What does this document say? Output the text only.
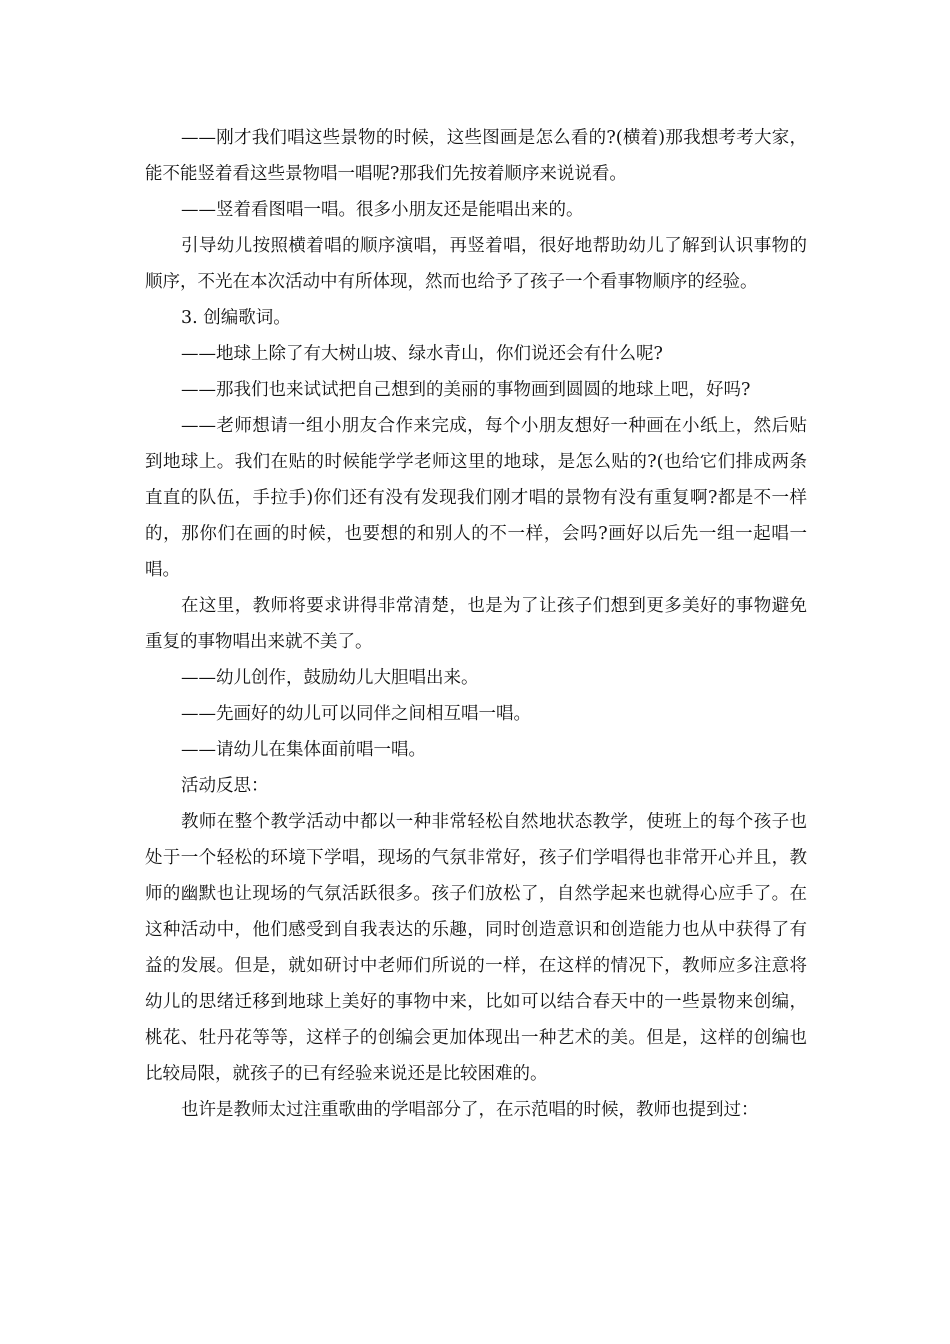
——刚才我们唱这些景物的时候，这些图画是怎么看的?(横着)那我想考考大家，能不能竖着看这些景物唱一唱呢?那我们先按着顺序来说说看。

——竖着看图唱一唱。很多小朋友还是能唱出来的。

引导幼儿按照横着唱的顺序演唱，再竖着唱，很好地帮助幼儿了解到认识事物的顺序，不光在本次活动中有所体现，然而也给予了孩子一个看事物顺序的经验。

3. 创编歌词。

——地球上除了有大树山坡、绿水青山，你们说还会有什么呢?

——那我们也来试试把自己想到的美丽的事物画到圆圆的地球上吧，好吗?

——老师想请一组小朋友合作来完成，每个小朋友想好一种画在小纸上，然后贴到地球上。我们在贴的时候能学学老师这里的地球，是怎么贴的?(也给它们排成两条直直的队伍，手拉手)你们还有没有发现我们刚才唱的景物有没有重复啊?都是不一样的，那你们在画的时候，也要想的和别人的不一样，会吗?画好以后先一组一起唱一唱。

在这里，教师将要求讲得非常清楚，也是为了让孩子们想到更多美好的事物避免重复的事物唱出来就不美了。

——幼儿创作，鼓励幼儿大胆唱出来。

——先画好的幼儿可以同伴之间相互唱一唱。

——请幼儿在集体面前唱一唱。

活动反思：

教师在整个教学活动中都以一种非常轻松自然地状态教学，使班上的每个孩子也处于一个轻松的环境下学唱，现场的气氛非常好，孩子们学唱得也非常开心并且，教师的幽默也让现场的气氛活跃很多。孩子们放松了，自然学起来也就得心应手了。在这种活动中，他们感受到自我表达的乐趣，同时创造意识和创造能力也从中获得了有益的发展。但是，就如研讨中老师们所说的一样，在这样的情况下，教师应多注意将幼儿的思绪迁移到地球上美好的事物中来，比如可以结合春天中的一些景物来创编，桃花、牡丹花等等，这样子的创编会更加体现出一种艺术的美。但是，这样的创编也比较局限，就孩子的已有经验来说还是比较困难的。

也许是教师太过注重歌曲的学唱部分了，在示范唱的时候，教师也提到过：
